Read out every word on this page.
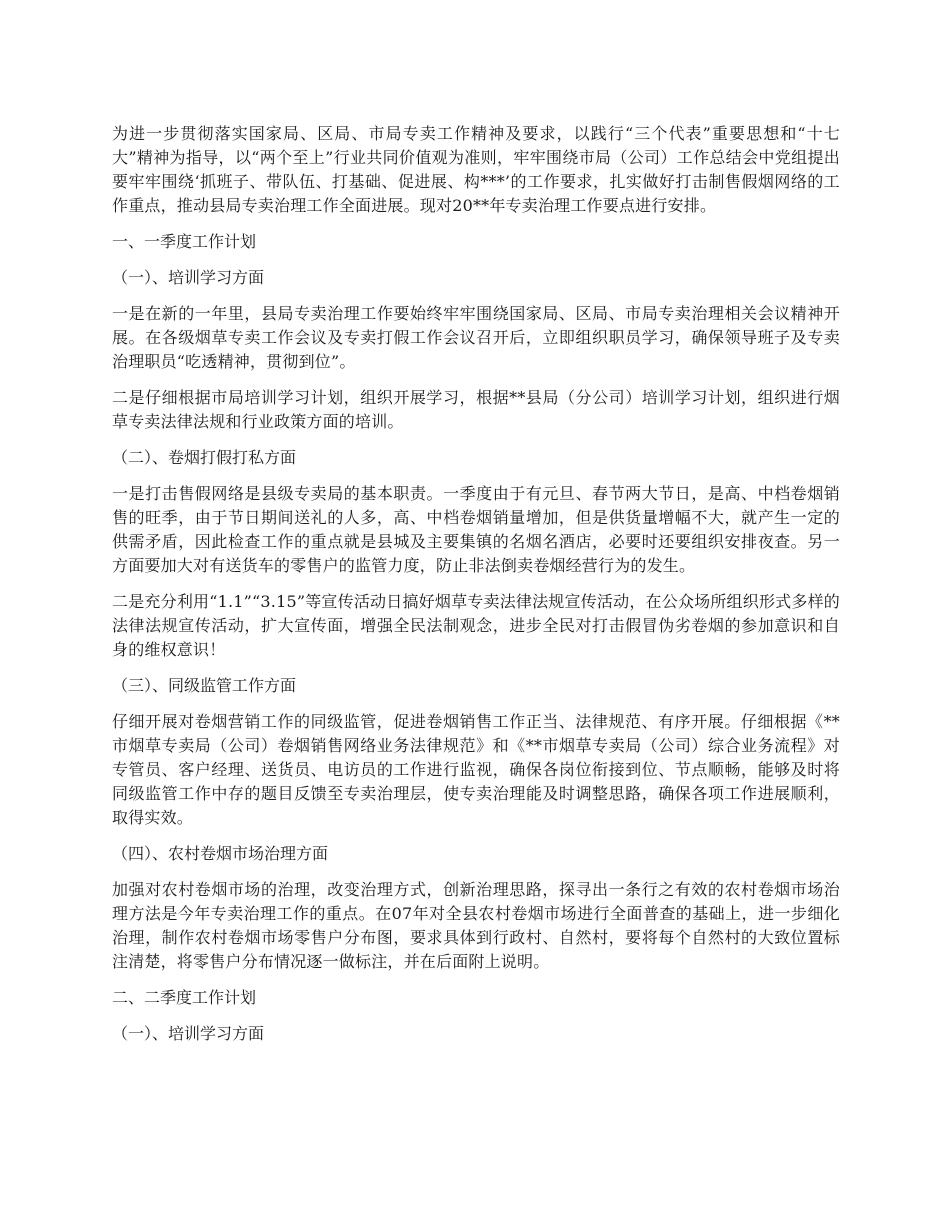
为进一步贯彻落实国家局、区局、市局专卖工作精神及要求，以践行“三个代表”重要思想和“十七大”精神为指导，以“两个至上”行业共同价值观为准则，牢牢围绕市局（公司）工作总结会中党组提出要牢牢围绕‘抓班子、带队伍、打基础、促进展、构***’的工作要求，扎实做好打击制售假烟网络的工作重点，推动县局专卖治理工作全面进展。现对20**年专卖治理工作要点进行安排。

一、一季度工作计划

（一）、培训学习方面

一是在新的一年里，县局专卖治理工作要始终牢牢围绕国家局、区局、市局专卖治理相关会议精神开展。在各级烟草专卖工作会议及专卖打假工作会议召开后，立即组织职员学习，确保领导班子及专卖治理职员“吃透精神，贯彻到位”。

二是仔细根据市局培训学习计划，组织开展学习，根据**县局（分公司）培训学习计划，组织进行烟草专卖法律法规和行业政策方面的培训。

（二）、卷烟打假打私方面

一是打击售假网络是县级专卖局的基本职责。一季度由于有元旦、春节两大节日，是高、中档卷烟销售的旺季，由于节日期间送礼的人多，高、中档卷烟销量增加，但是供货量增幅不大，就产生一定的供需矛盾，因此检查工作的重点就是县城及主要集镇的名烟名酒店，必要时还要组织安排夜查。另一方面要加大对有送货车的零售户的监管力度，防止非法倒卖卷烟经营行为的发生。

二是充分利用“1.1”“3.15”等宣传活动日搞好烟草专卖法律法规宣传活动，在公众场所组织形式多样的法律法规宣传活动，扩大宣传面，增强全民法制观念，进步全民对打击假冒伪劣卷烟的参加意识和自身的维权意识！

（三）、同级监管工作方面

仔细开展对卷烟营销工作的同级监管，促进卷烟销售工作正当、法律规范、有序开展。仔细根据《**市烟草专卖局（公司）卷烟销售网络业务法律规范》和《**市烟草专卖局（公司）综合业务流程》对专管员、客户经理、送货员、电访员的工作进行监视，确保各岗位衔接到位、节点顺畅，能够及时将同级监管工作中存的题目反馈至专卖治理层，使专卖治理能及时调整思路，确保各项工作进展顺利，取得实效。

（四）、农村卷烟市场治理方面

加强对农村卷烟市场的治理，改变治理方式，创新治理思路，探寻出一条行之有效的农村卷烟市场治理方法是今年专卖治理工作的重点。在07年对全县农村卷烟市场进行全面普查的基础上，进一步细化治理，制作农村卷烟市场零售户分布图，要求具体到行政村、自然村，要将每个自然村的大致位置标注清楚，将零售户分布情况逐一做标注，并在后面附上说明。

二、二季度工作计划

（一）、培训学习方面
